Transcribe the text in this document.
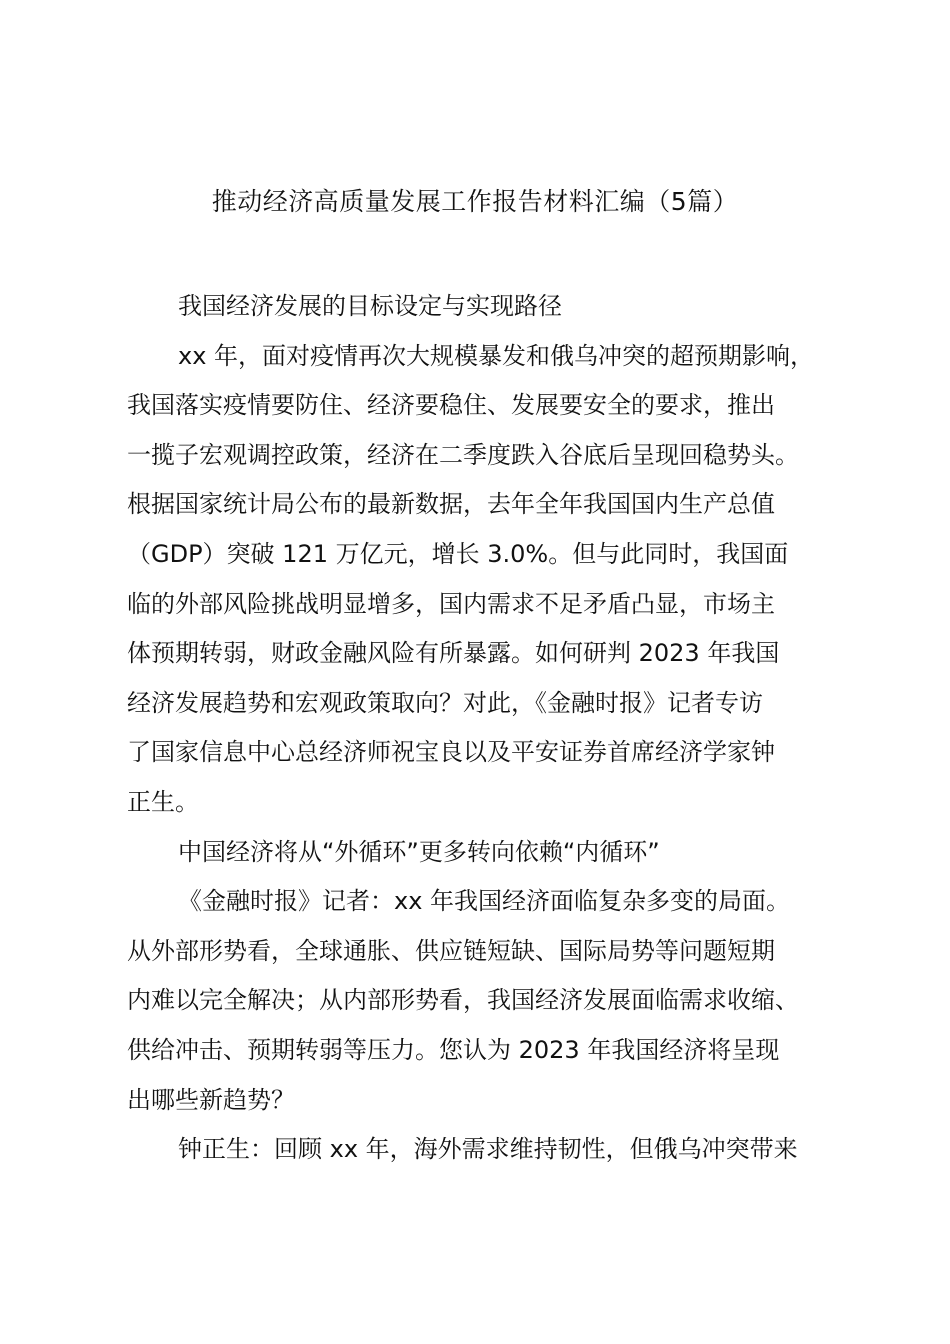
推动经济高质量发展工作报告材料汇编（5篇）
我国经济发展的目标设定与实现路径
xx 年，面对疫情再次大规模暴发和俄乌冲突的超预期影响，
我国落实疫情要防住、经济要稳住、发展要安全的要求，推出
一揽子宏观调控政策，经济在二季度跌入谷底后呈现回稳势头。
根据国家统计局公布的最新数据，去年全年我国国内生产总值
（GDP）突破 121 万亿元，增长 3.0%。但与此同时，我国面
临的外部风险挑战明显增多，国内需求不足矛盾凸显，市场主
体预期转弱，财政金融风险有所暴露。如何研判 2023 年我国
经济发展趋势和宏观政策取向？对此，《金融时报》记者专访
了国家信息中心总经济师祝宝良以及平安证券首席经济学家钟
正生。
中国经济将从“外循环”更多转向依赖“内循环”
《金融时报》记者：xx 年我国经济面临复杂多变的局面。
从外部形势看，全球通胀、供应链短缺、国际局势等问题短期
内难以完全解决；从内部形势看，我国经济发展面临需求收缩、
供给冲击、预期转弱等压力。您认为 2023 年我国经济将呈现
出哪些新趋势？
钟正生：回顾 xx 年，海外需求维持韧性，但俄乌冲突带来
